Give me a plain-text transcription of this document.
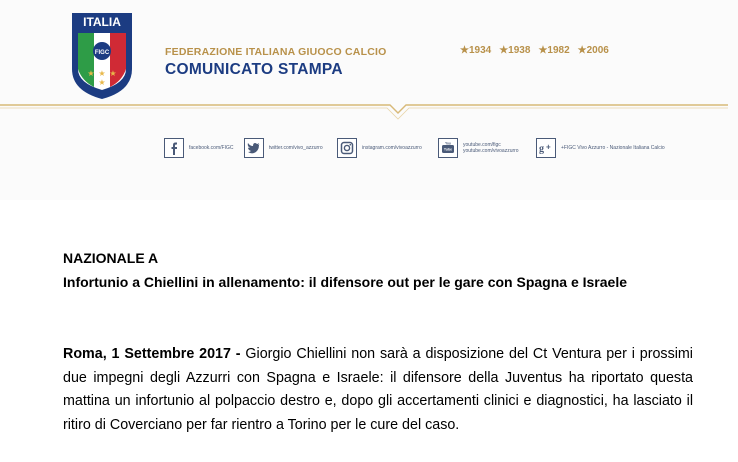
ITALIA
FIGC
★ ★ ★
★
FEDERAZIONE ITALIANA GIUOCO CALCIO
COMUNICATO STAMPA
★1934 ★1938 ★1982 ★2006
facebook.com/FIGC	twitter.com/vivo_azzurro	instagram.com/vivoazzurro
You
Tube
youtube.com/figc
youtube.com/vivoazzurro g + +FIGC Vivo Azzurro - Nazionale Italiana Calcio
NAZIONALE A
Infortunio a Chiellini in allenamento: il difensore out per le gare con Spagna e Israele
Roma, 1 Settembre 2017 - Giorgio Chiellini non sarà a disposizione del Ct Ventura per i prossimi due impegni degli Azzurri con Spagna e Israele: il difensore della Juventus ha riportato questa mattina un infortunio al polpaccio destro e, dopo gli accertamenti clinici e diagnostici, ha lasciato il ritiro di Coverciano per far rientro a Torino per le cure del caso.
